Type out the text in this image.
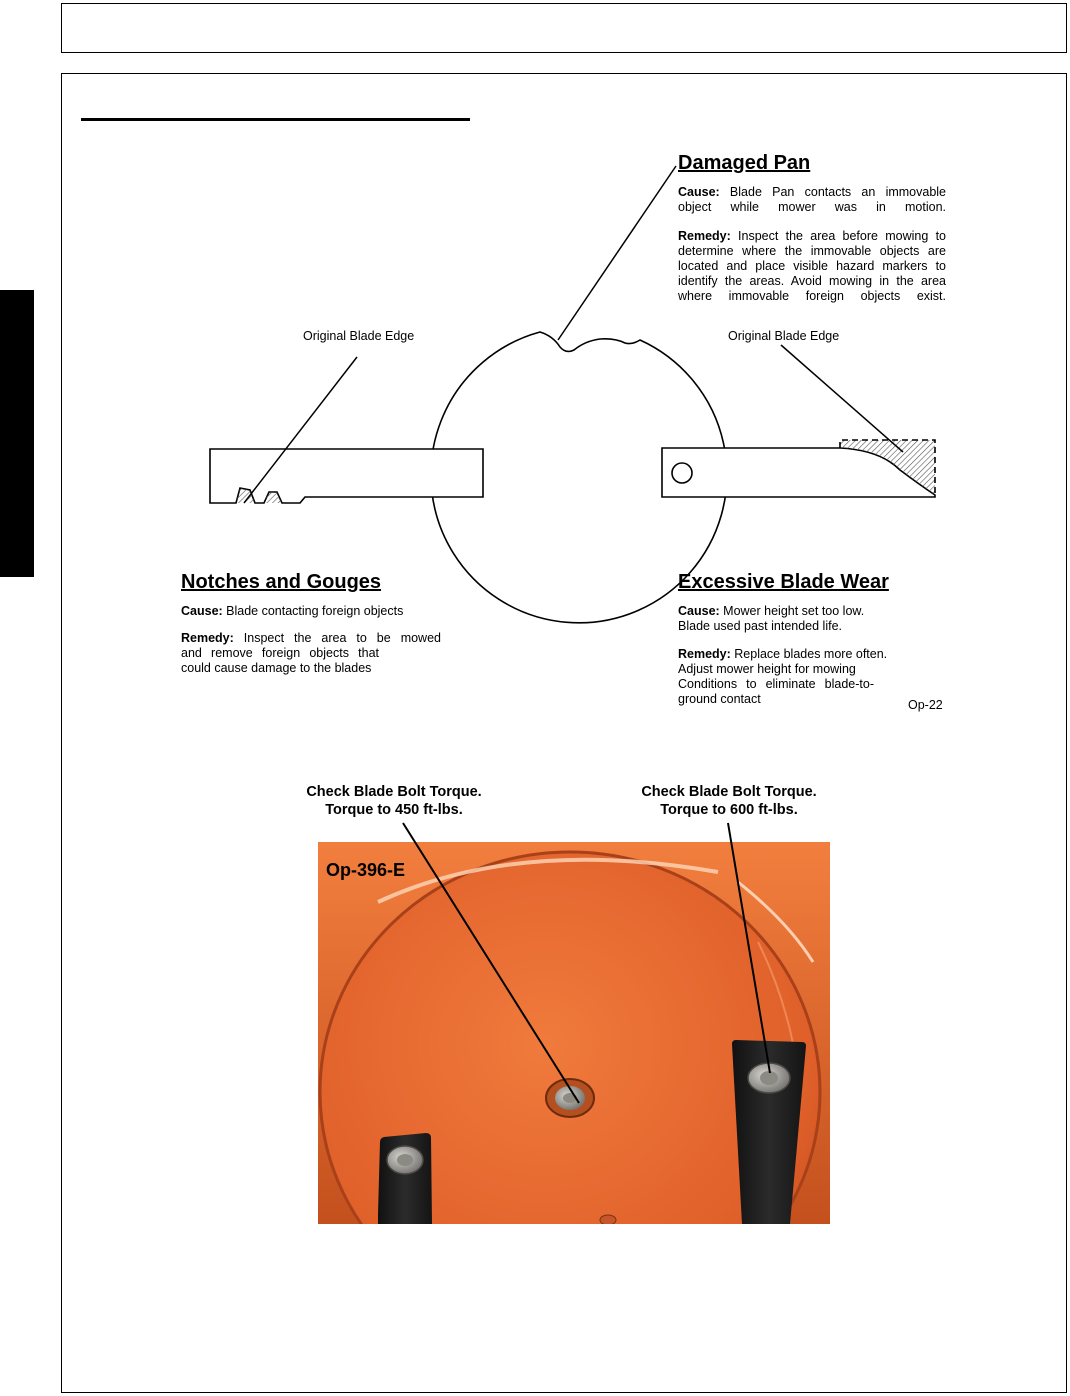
Damaged Pan
Cause: Blade Pan contacts an immovable object while mower was in motion.
Remedy: Inspect the area before mowing to determine where the immovable objects are located and place visible hazard markers to identify the areas. Avoid mowing in the area where immovable foreign objects exist.
Original Blade Edge	Original Blade Edge
Notches and Gouges
Cause: Blade contacting foreign objects
Remedy: Inspect the area to be mowed
and remove foreign objects that
could cause damage to the blades
Excessive Blade Wear
Cause: Mower height set too low.
Blade used past intended life.
Remedy: Replace blades more often.
Adjust mower height for mowing
Conditions to eliminate blade-to-
ground contact	Op-22
Check Blade Bolt Torque.
Torque to 450 ft-lbs.
Check Blade Bolt Torque.
Torque to 600 ft-lbs.
Op-396-E
